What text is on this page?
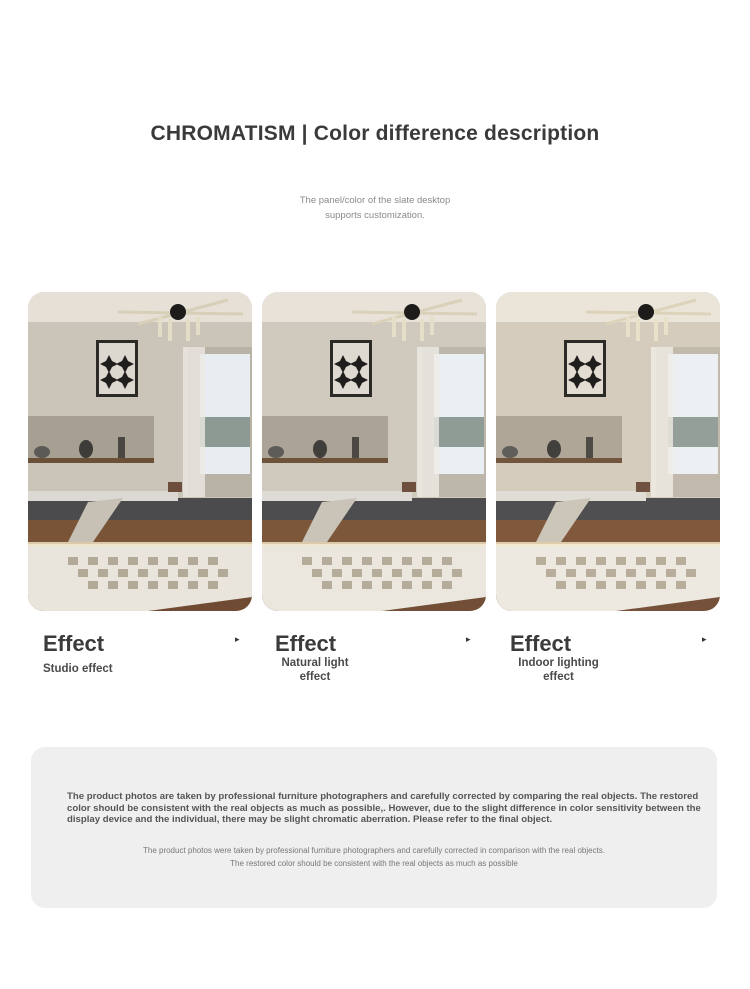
CHROMATISM | Color difference description
The panel/color of the slate desktop
supports customization.
Effect	▸
Studio effect
Effect	▸
Natural light
effect
Effect	▸
Indoor lighting
effect
The product photos are taken by professional furniture photographers and carefully corrected by comparing the real objects. The restored color should be consistent with the real objects as much as possible,. However, due to the slight difference in color sensitivity between the display device and the individual, there may be slight chromatic aberration. Please refer to the final object.
The product photos were taken by professional furniture photographers and carefully corrected in comparison with the real objects.
The restored color should be consistent with the real objects as much as possible
